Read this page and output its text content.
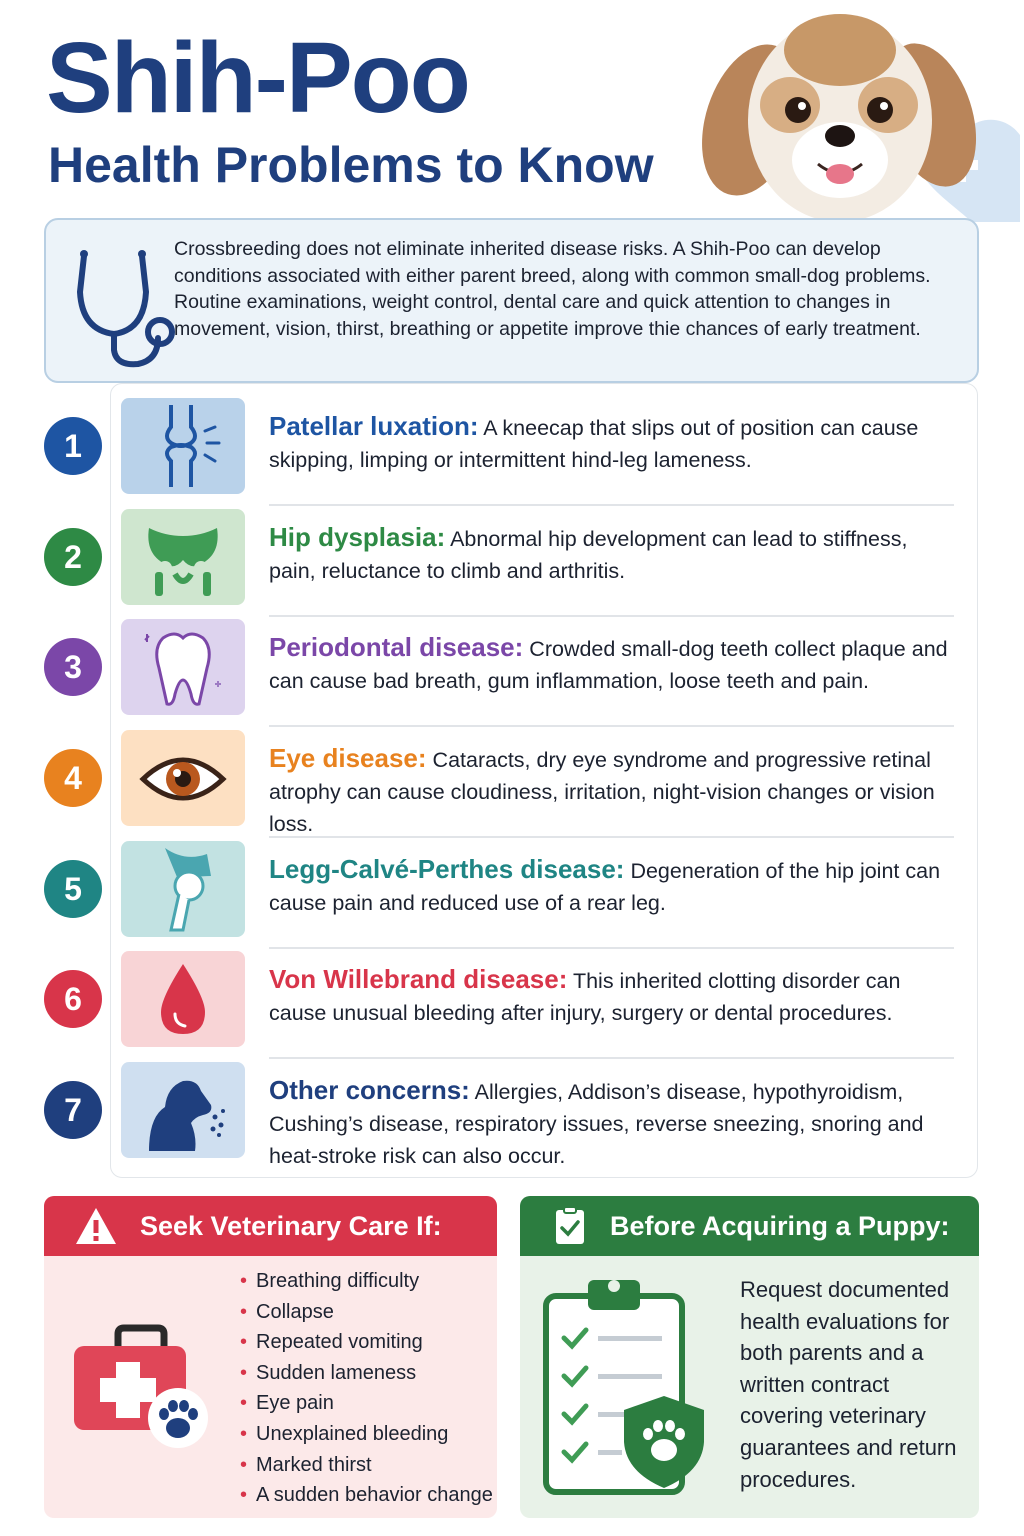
Shih-Poo
Health Problems to Know

Crossbreeding does not eliminate inherited disease risks. A Shih-Poo can develop conditions associated with either parent breed, along with common small-dog problems. Routine examinations, weight control, dental care and quick attention to changes in movement, vision, thirst, breathing or appetite improve thie chances of early treatment.

1
Patellar luxation: A kneecap that slips out of position can cause skipping, limping or intermittent hind-leg lameness.
2
Hip dysplasia: Abnormal hip development can lead to stiffness, pain, reluctance to climb and arthritis.
3
Periodontal disease: Crowded small-dog teeth collect plaque and can cause bad breath, gum inflammation, loose teeth and pain.
4
Eye disease: Cataracts, dry eye syndrome and progressive retinal atrophy can cause cloudiness, irritation, night-vision changes or vision loss.
5
Legg-Calvé-Perthes disease: Degeneration of the hip joint can cause pain and reduced use of a rear leg.
6
Von Willebrand disease: This inherited clotting disorder can cause unusual bleeding after injury, surgery or dental procedures.
7
Other concerns: Allergies, Addison’s disease, hypothyroidism, Cushing’s disease, respiratory issues, reverse sneezing, snoring and heat-stroke risk can also occur.
Seek Veterinary Care If:
• Breathing difficulty
• Collapse
• Repeated vomiting
• Sudden lameness
• Eye pain
• Unexplained bleeding
• Marked thirst
• A sudden behavior change
Before Acquiring a Puppy:
Request documented health evaluations for both parents and a written contract covering veterinary guarantees and return procedures.
